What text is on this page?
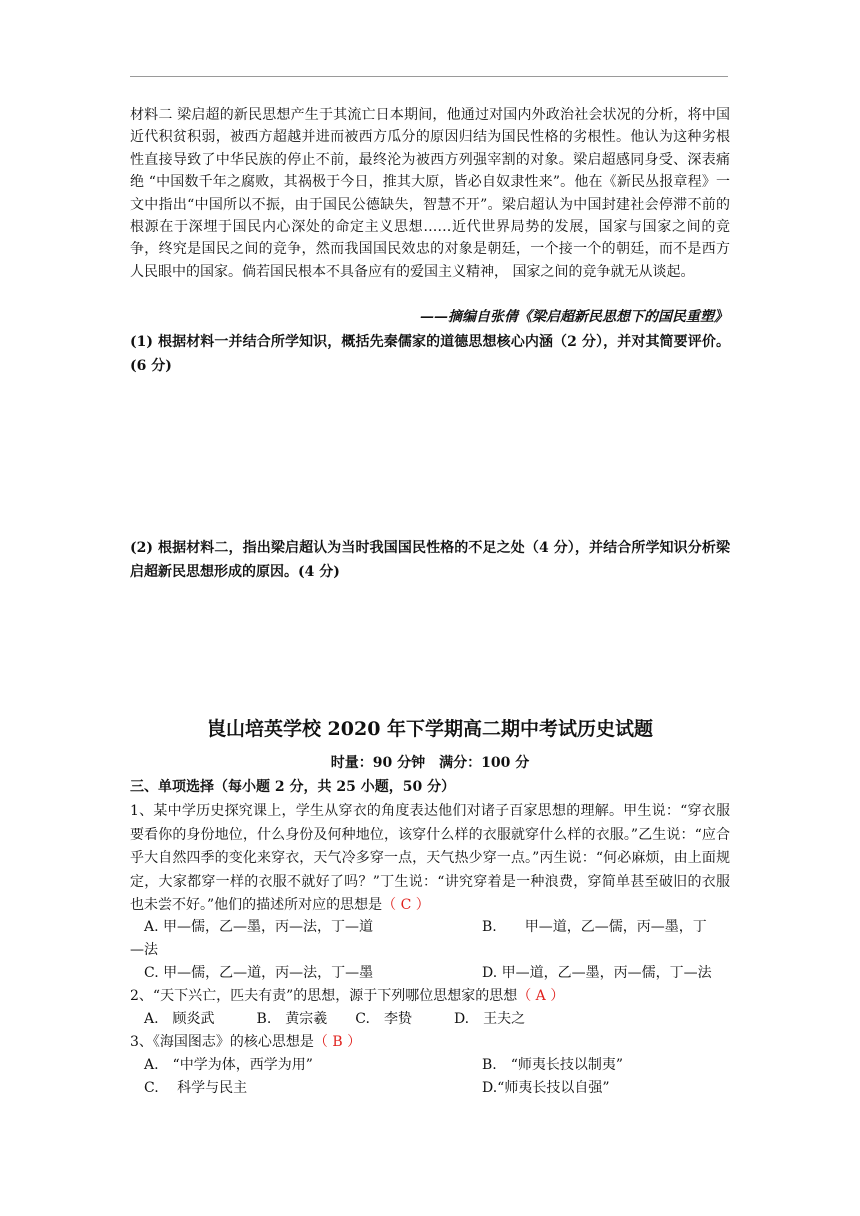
材料二 梁启超的新民思想产生于其流亡日本期间，他通过对国内外政治社会状况的分析，将中国近代积贫积弱，被西方超越并进而被西方瓜分的原因归结为国民性格的劣根性。他认为这种劣根性直接导致了中华民族的停止不前，最终沦为被西方列强宰割的对象。梁启超感同身受、深表痛绝 “中国数千年之腐败，其祸极于今日，推其大原，皆必自奴隶性来”。他在《新民丛报章程》一文中指出“中国所以不振，由于国民公德缺失，智慧不开”。梁启超认为中国封建社会停滞不前的根源在于深埋于国民内心深处的命定主义思想……近代世界局势的发展，国家与国家之间的竞争，终究是国民之间的竞争，然而我国国民效忠的对象是朝廷，一个接一个的朝廷，而不是西方人民眼中的国家。倘若国民根本不具备应有的爱国主义精神， 国家之间的竞争就无从谈起。
——摘编自张倩《梁启超新民思想下的国民重塑》
(1) 根据材料一并结合所学知识，概括先秦儒家的道德思想核心内涵（2 分），并对其简要评价。(6 分)
(2) 根据材料二，指出梁启超认为当时我国国民性格的不足之处（4 分），并结合所学知识分析梁启超新民思想形成的原因。(4 分)
崀山培英学校 2020 年下学期高二期中考试历史试题
时量：90 分钟　满分：100 分
三、单项选择（每小题 2 分，共 25 小题，50 分）
1、某中学历史探究课上，学生从穿衣的角度表达他们对诸子百家思想的理解。甲生说：“穿衣服要看你的身份地位，什么身份及何种地位，该穿什么样的衣服就穿什么样的衣服。”乙生说：“应合乎大自然四季的变化来穿衣，天气冷多穿一点，天气热少穿一点。”丙生说：“何必麻烦，由上面规定，大家都穿一样的衣服不就好了吗？”丁生说：“讲究穿着是一种浪费，穿简单甚至破旧的衣服也未尝不好。”他们的描述所对应的思想是（ C ）
A. 甲—儒，乙—墨，丙—法，丁—道	B.　　甲—道，乙—儒，丙—墨，丁
—法
C. 甲—儒，乙—道，丙—法，丁—墨	D. 甲—道，乙—墨，丙—儒，丁—法
2、“天下兴亡，匹夫有责”的思想，源于下列哪位思想家的思想（ A ）
A.　顾炎武　　　B.　黄宗羲　　C.　李贽　　　D.　王夫之
3、《海国图志》的核心思想是（ B ）
A.　“中学为体，西学为用”	B.　“师夷长技以制夷”
C.　 科学与民主	D.“师夷长技以自强”
